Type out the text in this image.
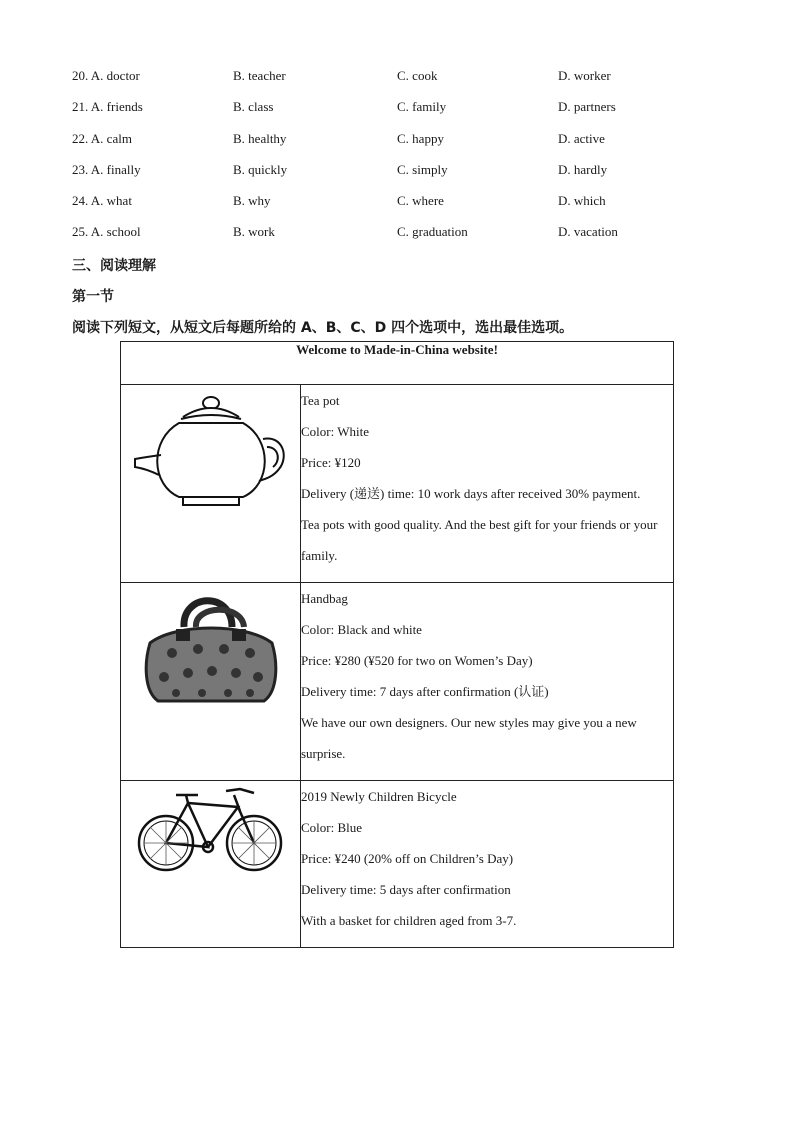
20. A. doctor	B. teacher	C. cook	D. worker
21. A. friends	B. class	C. family	D. partners
22. A. calm	B. healthy	C. happy	D. active
23. A. finally	B. quickly	C. simply	D. hardly
24. A. what	B. why	C. where	D. which
25. A. school	B. work	C. graduation	D. vacation
三、阅读理解
第一节
阅读下列短文，从短文后每题所给的 A、B、C、D 四个选项中，选出最佳选项。
Welcome to Made-in-China website!	

Tea pot

Color: White

Price: ¥120

Delivery (递送) time: 10 work days after received 30% payment.

Tea pots with good quality. And the best gift for your friends or your family.

Handbag

Color: Black and white

Price: ¥280 (¥520 for two on Women’s Day)

Delivery time: 7 days after confirmation (认证)

We have our own designers. Our new styles may give you a new surprise.

2019 Newly Children Bicycle

Color: Blue

Price: ¥240 (20% off on Children’s Day)

Delivery time: 5 days after confirmation

With a basket for children aged from 3-7.
